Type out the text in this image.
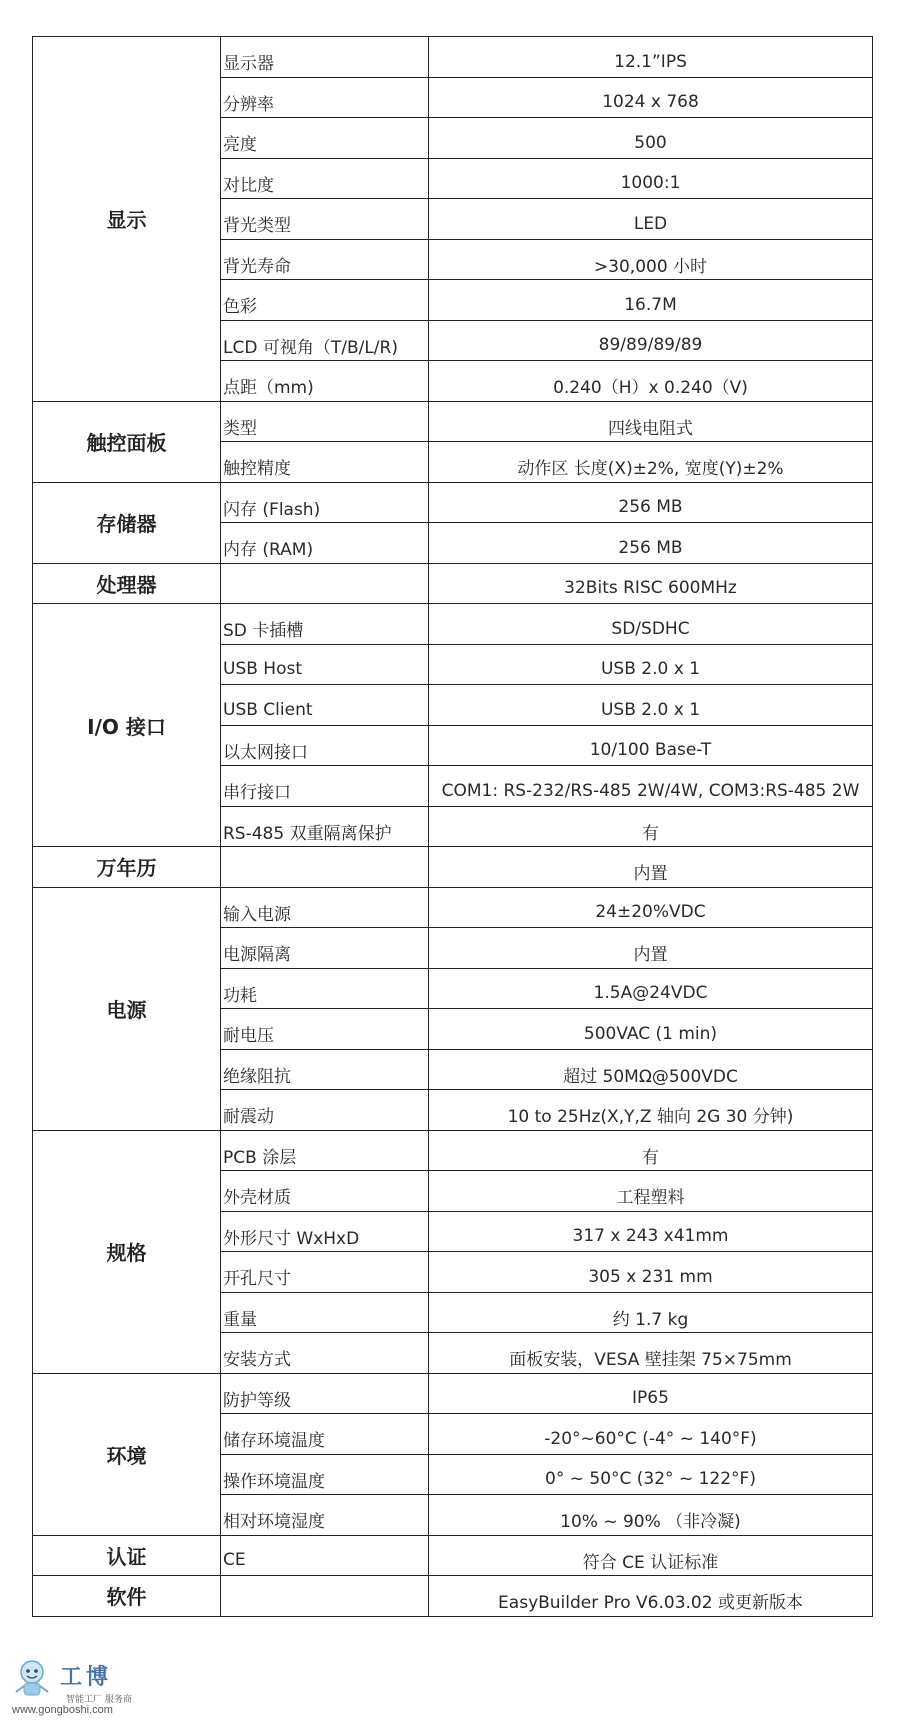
显示	显示器	12.1”IPS
	分辨率	1024 x 768
	亮度	500
	对比度	1000:1
	背光类型	LED
	背光寿命	>30,000 小时
	色彩	16.7M
	LCD 可视角（T/B/L/R)	89/89/89/89
	点距（mm)	0.240（H）x 0.240（V)
触控面板	类型	四线电阻式
	触控精度	动作区 长度(X)±2%, 宽度(Y)±2%
存储器	闪存 (Flash)	256 MB
	内存 (RAM)	256 MB
处理器		32Bits RISC 600MHz
I/O 接口	SD 卡插槽	SD/SDHC
	USB Host	USB 2.0 x 1
	USB Client	USB 2.0 x 1
	以太网接口	10/100 Base-T
	串行接口	COM1: RS-232/RS-485 2W/4W, COM3:RS-485 2W
	RS-485 双重隔离保护	有
万年历		内置
电源	输入电源	24±20%VDC
	电源隔离	内置
	功耗	1.5A@24VDC
	耐电压	500VAC (1 min)
	绝缘阻抗	超过 50MΩ@500VDC
	耐震动	10 to 25Hz(X,Y,Z 轴向 2G 30 分钟)
规格	PCB 涂层	有
	外壳材质	工程塑料
	外形尺寸 WxHxD	317 x 243 x41mm
	开孔尺寸	305 x 231 mm
	重量	约 1.7 kg
	安装方式	面板安装，VESA 壁挂架 75×75mm
环境	防护等级	IP65
	储存环境温度	-20°~60°C (-4° ~ 140°F)
	操作环境温度	0° ~ 50°C (32° ~ 122°F)
	相对环境湿度	10% ~ 90% （非冷凝)
认证	CE	符合 CE 认证标准
软件		EasyBuilder Pro V6.03.02 或更新版本
工博
智能工厂 服务商
www.gongboshi.com
